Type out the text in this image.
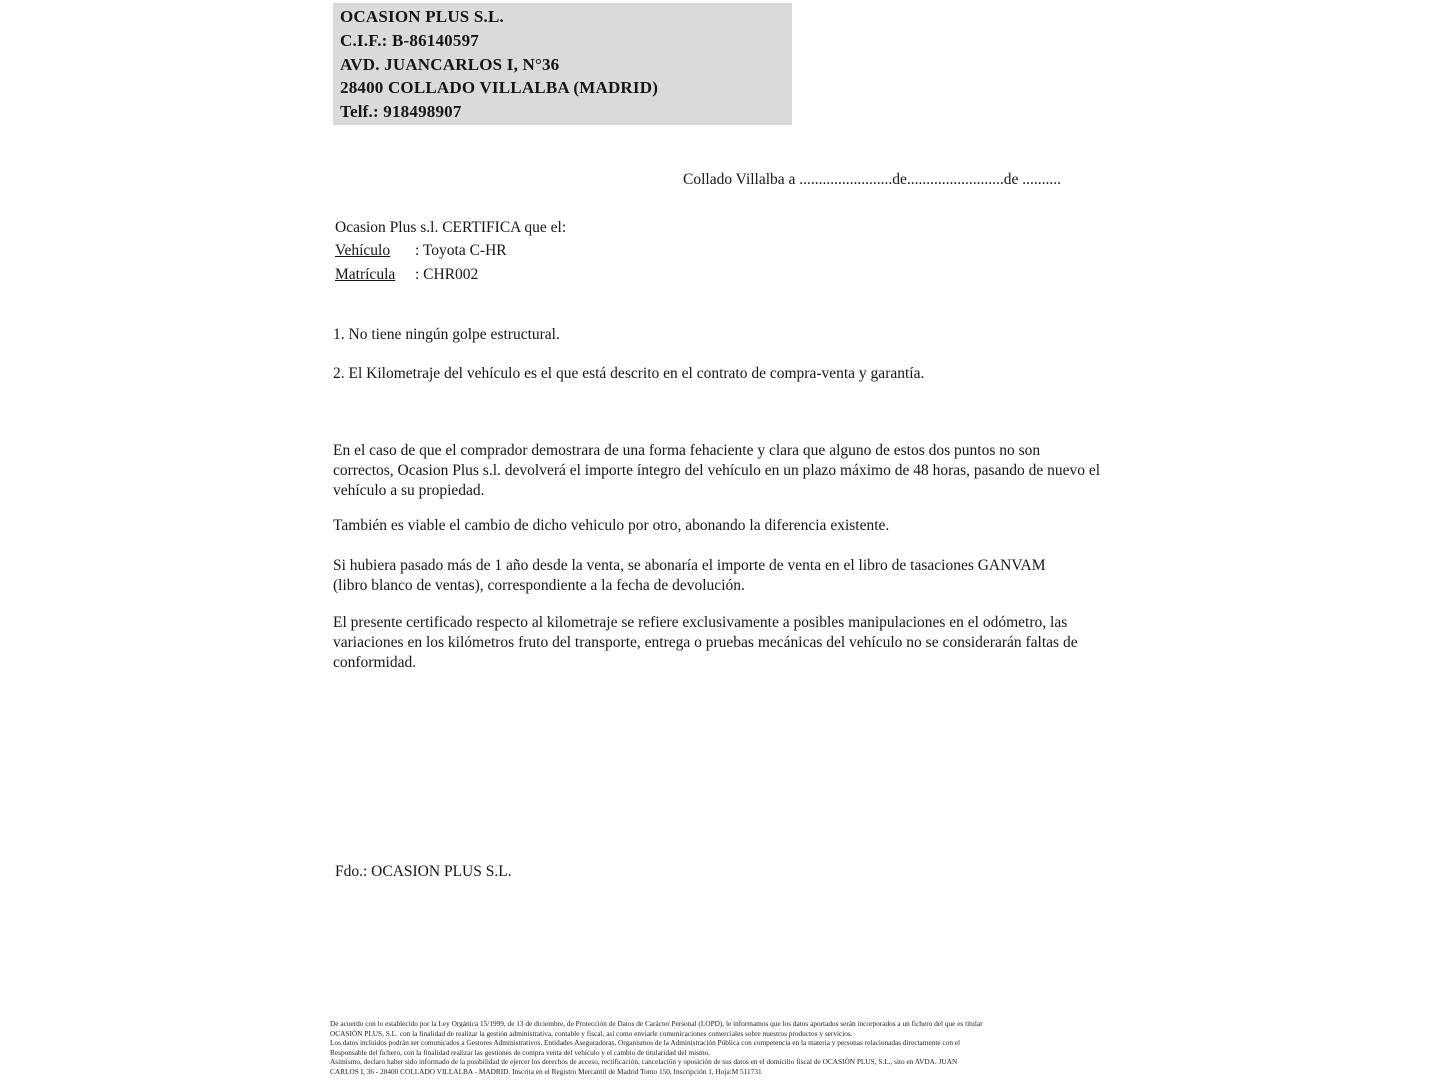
OCASION PLUS S.L.
C.I.F.: B-86140597
AVD. JUANCARLOS I, N°36
28400 COLLADO VILLALBA (MADRID)
Telf.: 918498907
Collado Villalba a ........................de.........................de ..........
Ocasion Plus s.l. CERTIFICA que el:
Vehículo : Toyota C-HR
Matrícula : CHR002
1. No tiene ningún golpe estructural.
2. El Kilometraje del vehículo es el que está descrito en el contrato de compra-venta y garantía.
En el caso de que el comprador demostrara de una forma fehaciente y clara que alguno de estos dos puntos no son correctos, Ocasion Plus s.l. devolverá el importe íntegro del vehículo en un plazo máximo de 48 horas, pasando de nuevo el vehículo a su propiedad.
También es viable el cambio de dicho vehiculo por otro, abonando la diferencia existente.
Si hubiera pasado más de 1 año desde la venta, se abonaría el importe de venta en el libro de tasaciones GANVAM (libro blanco de ventas), correspondiente a la fecha de devolución.
El presente certificado respecto al kilometraje se refiere exclusivamente a posibles manipulaciones en el odómetro, las variaciones en los kilómetros fruto del transporte, entrega o pruebas mecánicas del vehículo no se considerarán faltas de conformidad.
Fdo.: OCASION PLUS S.L.
De acuerdo con lo establecido por la Ley Orgánica 15/1999, de 13 de diciembre, de Protección de Datos de Carácter Personal (LOPD), le informamos que los datos aportados serán incorporados a un fichero del que es titular
OCASIÓN PLUS, S.L. con la finalidad de realizar la gestión administrativa, contable y fiscal, así como enviarle comunicaciones comerciales sobre nuestros productos y servicios.
Los datos incluidos podrán ser comunicados a Gestores Administrativos, Entidades Aseguradoras, Organismos de la Administración Pública con competencia en la materia y personas relacionadas directamente con el
Responsable del fichero, con la finalidad realizar las gestiones de compra venta del vehículo y el cambio de titularidad del mismo.
Asimismo, declaro haber sido informado de la posibilidad de ejercer los derechos de acceso, rectificación, cancelación y oposición de sus datos en el domicilio fiscal de OCASIÓN PLUS, S.L., sito en AVDA. JUAN
CARLOS I, 36 - 28400 COLLADO VILLALBA - MADRID. Inscrita en el Registro Mercantil de Madrid Tomo 150, Inscripción 1, Hoja:M 511731
